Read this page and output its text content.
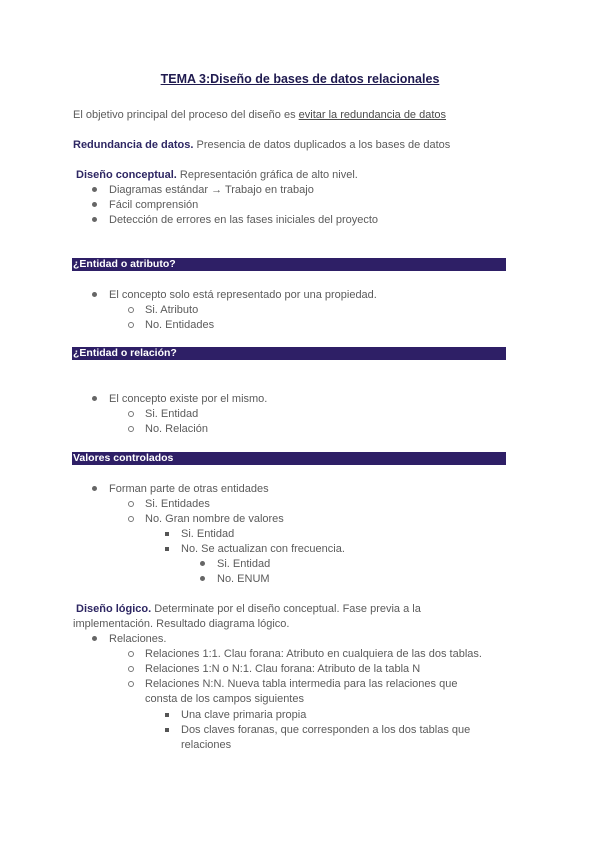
TEMA 3:Diseño de bases de datos relacionales
El objetivo principal del proceso del diseño es evitar la redundancia de datos
Redundancia de datos. Presencia de datos duplicados a los bases de datos
Diseño conceptual. Representación gráfica de alto nivel.
Diagramas estándar → Trabajo en trabajo
Fácil comprensión
Detección de errores en las fases iniciales del proyecto
¿Entidad o atributo?
El concepto solo está representado por una propiedad.
Si. Atributo
No. Entidades
¿Entidad o relación?
El concepto existe por el mismo.
Si. Entidad
No. Relación
Valores controlados
Forman parte de otras entidades
Si. Entidades
No. Gran nombre de valores
Si. Entidad
No. Se actualizan con frecuencia.
Si. Entidad
No. ENUM
Diseño lógico. Determinate por el diseño conceptual. Fase previa a la
implementación. Resultado diagrama lógico.
Relaciones.
Relaciones 1:1. Clau forana: Atributo en cualquiera de las dos tablas.
Relaciones 1:N o N:1. Clau forana: Atributo de la tabla N
Relaciones N:N. Nueva tabla intermedia para las relaciones que
consta de los campos siguientes
Una clave primaria propia
Dos claves foranas, que corresponden a los dos tablas que
relaciones
